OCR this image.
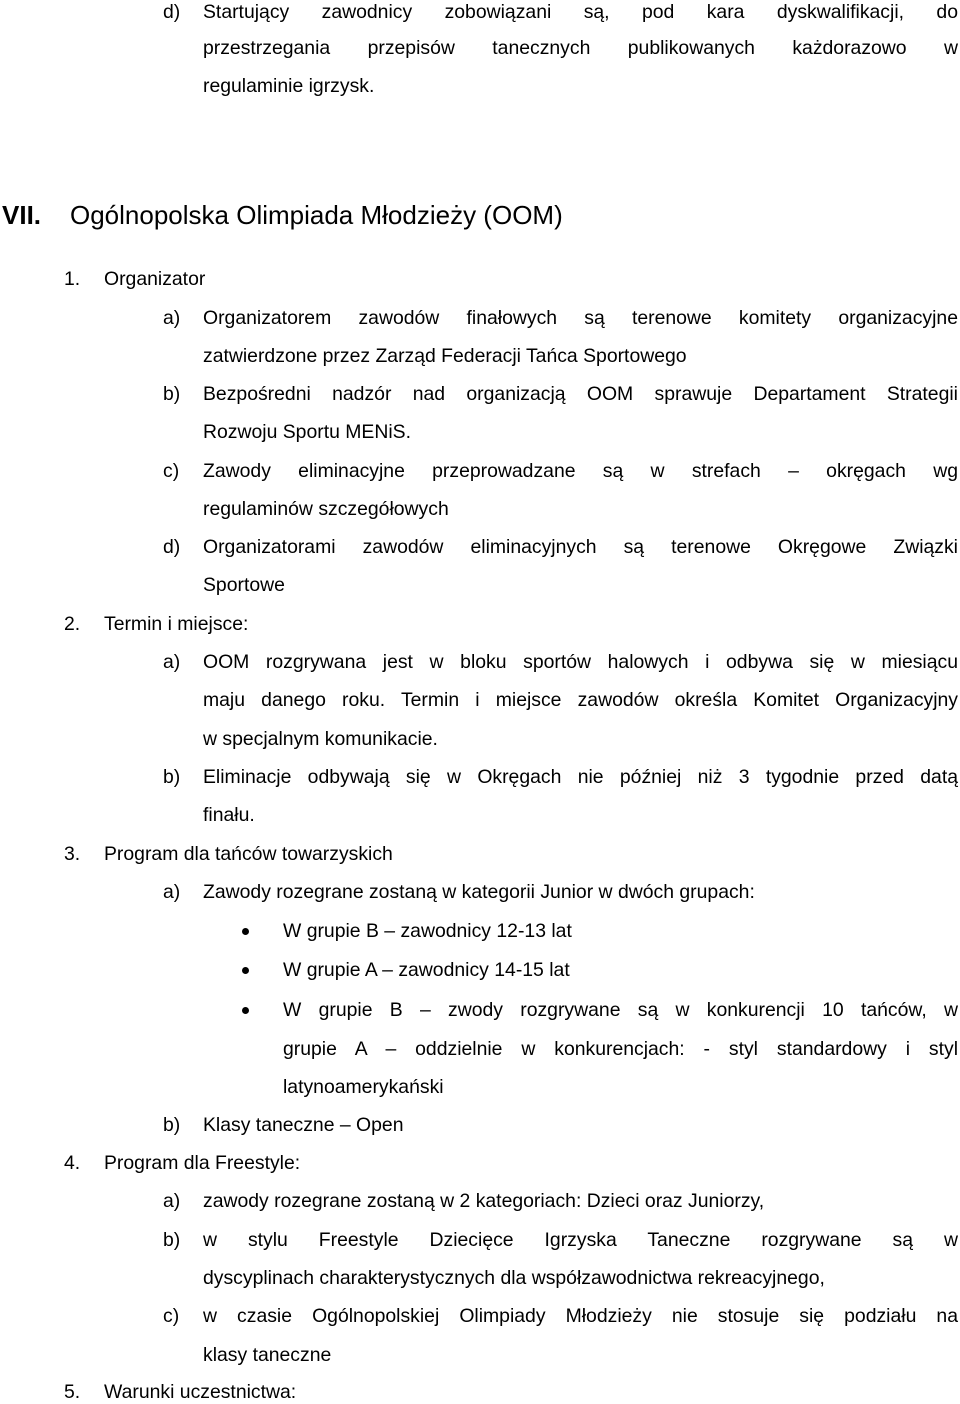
d) Startujący zawodnicy zobowiązani są, pod kara dyskwalifikacji, do
przestrzegania przepisów tanecznych publikowanych każdorazowo w
regulaminie igrzysk.
VII. Ogólnopolska Olimpiada Młodzieży (OOM)
1. Organizator
a) Organizatorem zawodów finałowych są terenowe komitety organizacyjne
zatwierdzone przez Zarząd Federacji Tańca Sportowego
b) Bezpośredni nadzór nad organizacją OOM sprawuje Departament Strategii
Rozwoju Sportu MENiS.
c) Zawody eliminacyjne przeprowadzane są w strefach – okręgach wg
regulaminów szczegółowych
d) Organizatorami zawodów eliminacyjnych są terenowe Okręgowe Związki
Sportowe
2. Termin i miejsce:
a) OOM rozgrywana jest w bloku sportów halowych i odbywa się w miesiącu
maju danego roku. Termin i miejsce zawodów określa Komitet Organizacyjny
w specjalnym komunikacie.
b) Eliminacje odbywają się w Okręgach nie później niż 3 tygodnie przed datą
finału.
3. Program dla tańców towarzyskich
a) Zawody rozegrane zostaną w kategorii Junior w dwóch grupach:
W grupie B – zawodnicy 12-13 lat
W grupie A – zawodnicy 14-15 lat
W grupie B – zwody rozgrywane są w konkurencji 10 tańców, w
grupie A – oddzielnie w konkurencjach: - styl standardowy i styl
latynoamerykański
b) Klasy taneczne – Open
4. Program dla Freestyle:
a) zawody rozegrane zostaną w 2 kategoriach: Dzieci oraz Juniorzy,
b) w stylu Freestyle Dziecięce Igrzyska Taneczne rozgrywane są w
dyscyplinach charakterystycznych dla współzawodnictwa rekreacyjnego,
c) w czasie Ogólnopolskiej Olimpiady Młodzieży nie stosuje się podziału na
klasy taneczne
5. Warunki uczestnictwa:
